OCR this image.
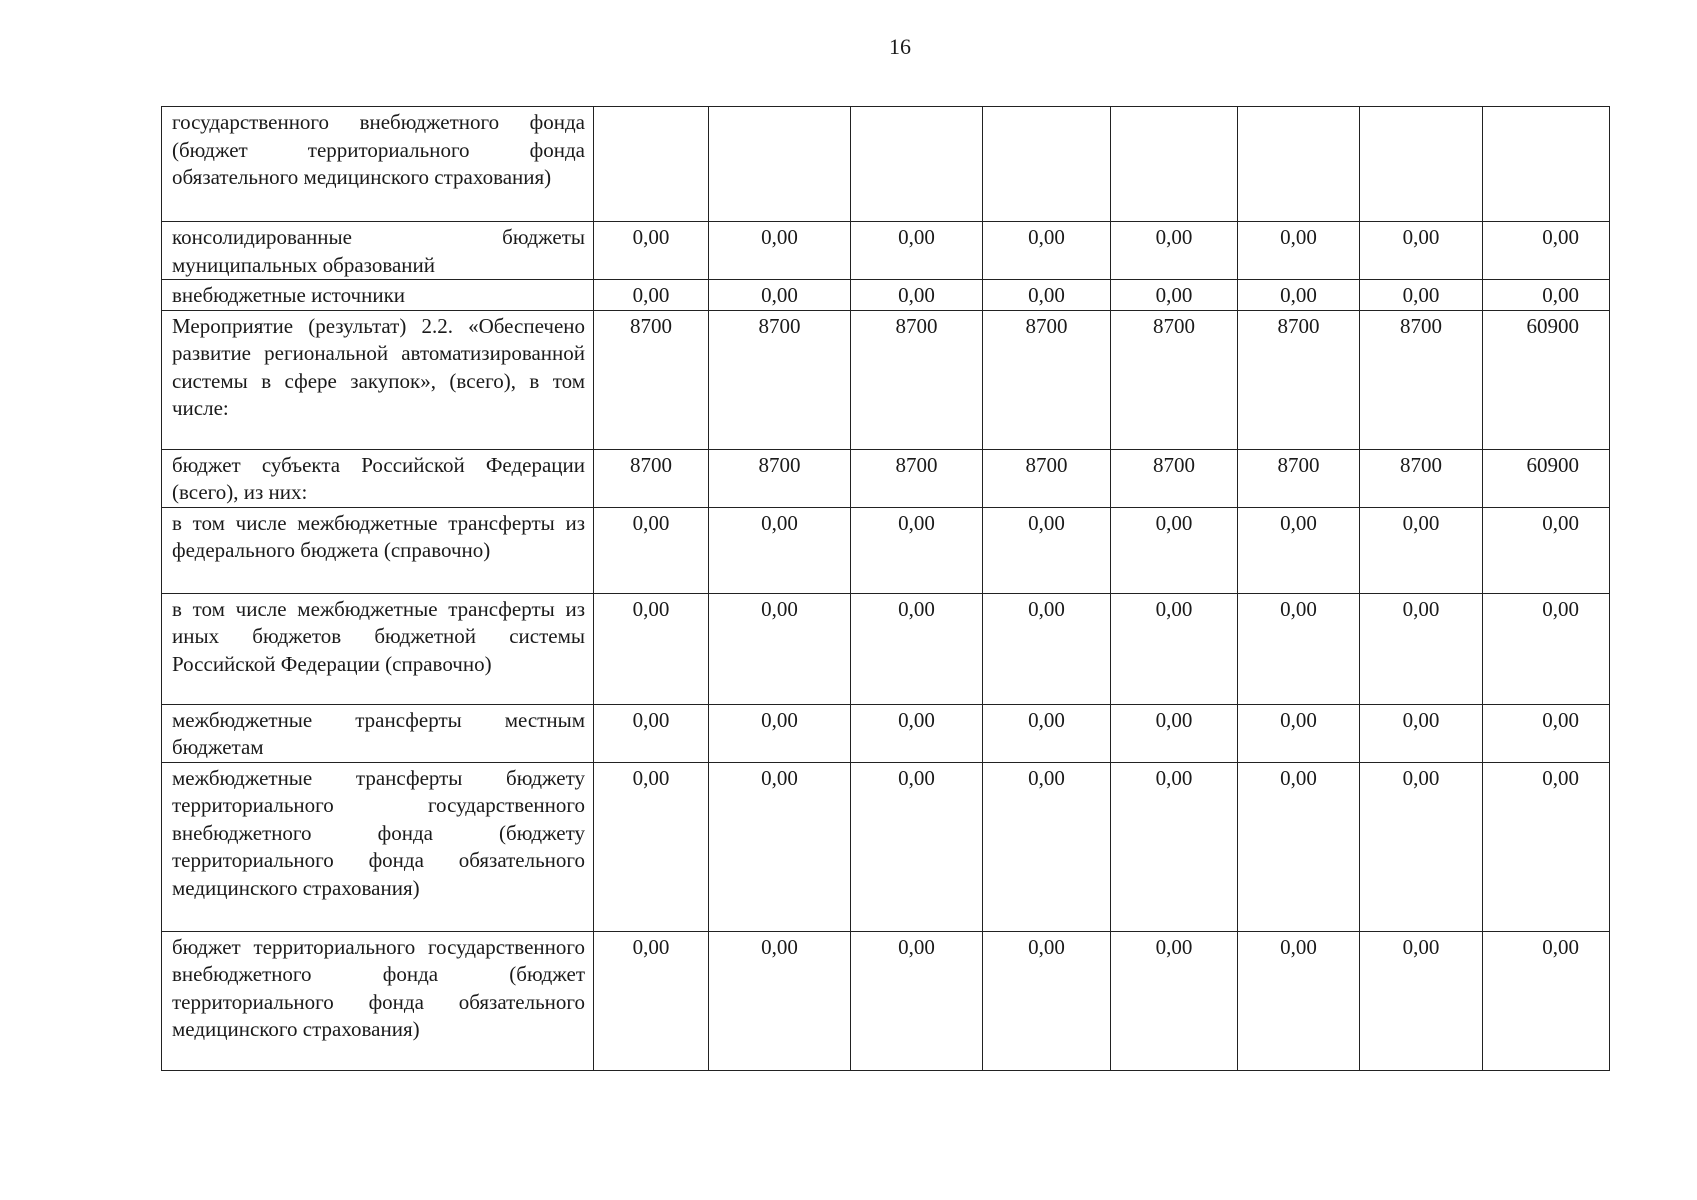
16
государственного внебюджетного фонда (бюджет территориального фонда обязательного медицинского страхования)								
консолидированные бюджеты муниципальных образований	0,00	0,00	0,00	0,00	0,00	0,00	0,00	0,00
внебюджетные источники	0,00	0,00	0,00	0,00	0,00	0,00	0,00	0,00
Мероприятие (результат) 2.2. «Обеспечено развитие региональной автоматизированной системы в сфере закупок», (всего), в том числе:	8700	8700	8700	8700	8700	8700	8700	60900
бюджет субъекта Российской Федерации (всего), из них:	8700	8700	8700	8700	8700	8700	8700	60900
в том числе межбюджетные трансферты из федерального бюджета (справочно)	0,00	0,00	0,00	0,00	0,00	0,00	0,00	0,00
в том числе межбюджетные трансферты из иных бюджетов бюджетной системы Российской Федерации (справочно)	0,00	0,00	0,00	0,00	0,00	0,00	0,00	0,00
межбюджетные трансферты местным бюджетам	0,00	0,00	0,00	0,00	0,00	0,00	0,00	0,00
межбюджетные трансферты бюджету территориального государственного внебюджетного фонда (бюджету территориального фонда обязательного медицинского страхования)	0,00	0,00	0,00	0,00	0,00	0,00	0,00	0,00
бюджет территориального государственного внебюджетного фонда (бюджет территориального фонда обязательного медицинского страхования)	0,00	0,00	0,00	0,00	0,00	0,00	0,00	0,00
